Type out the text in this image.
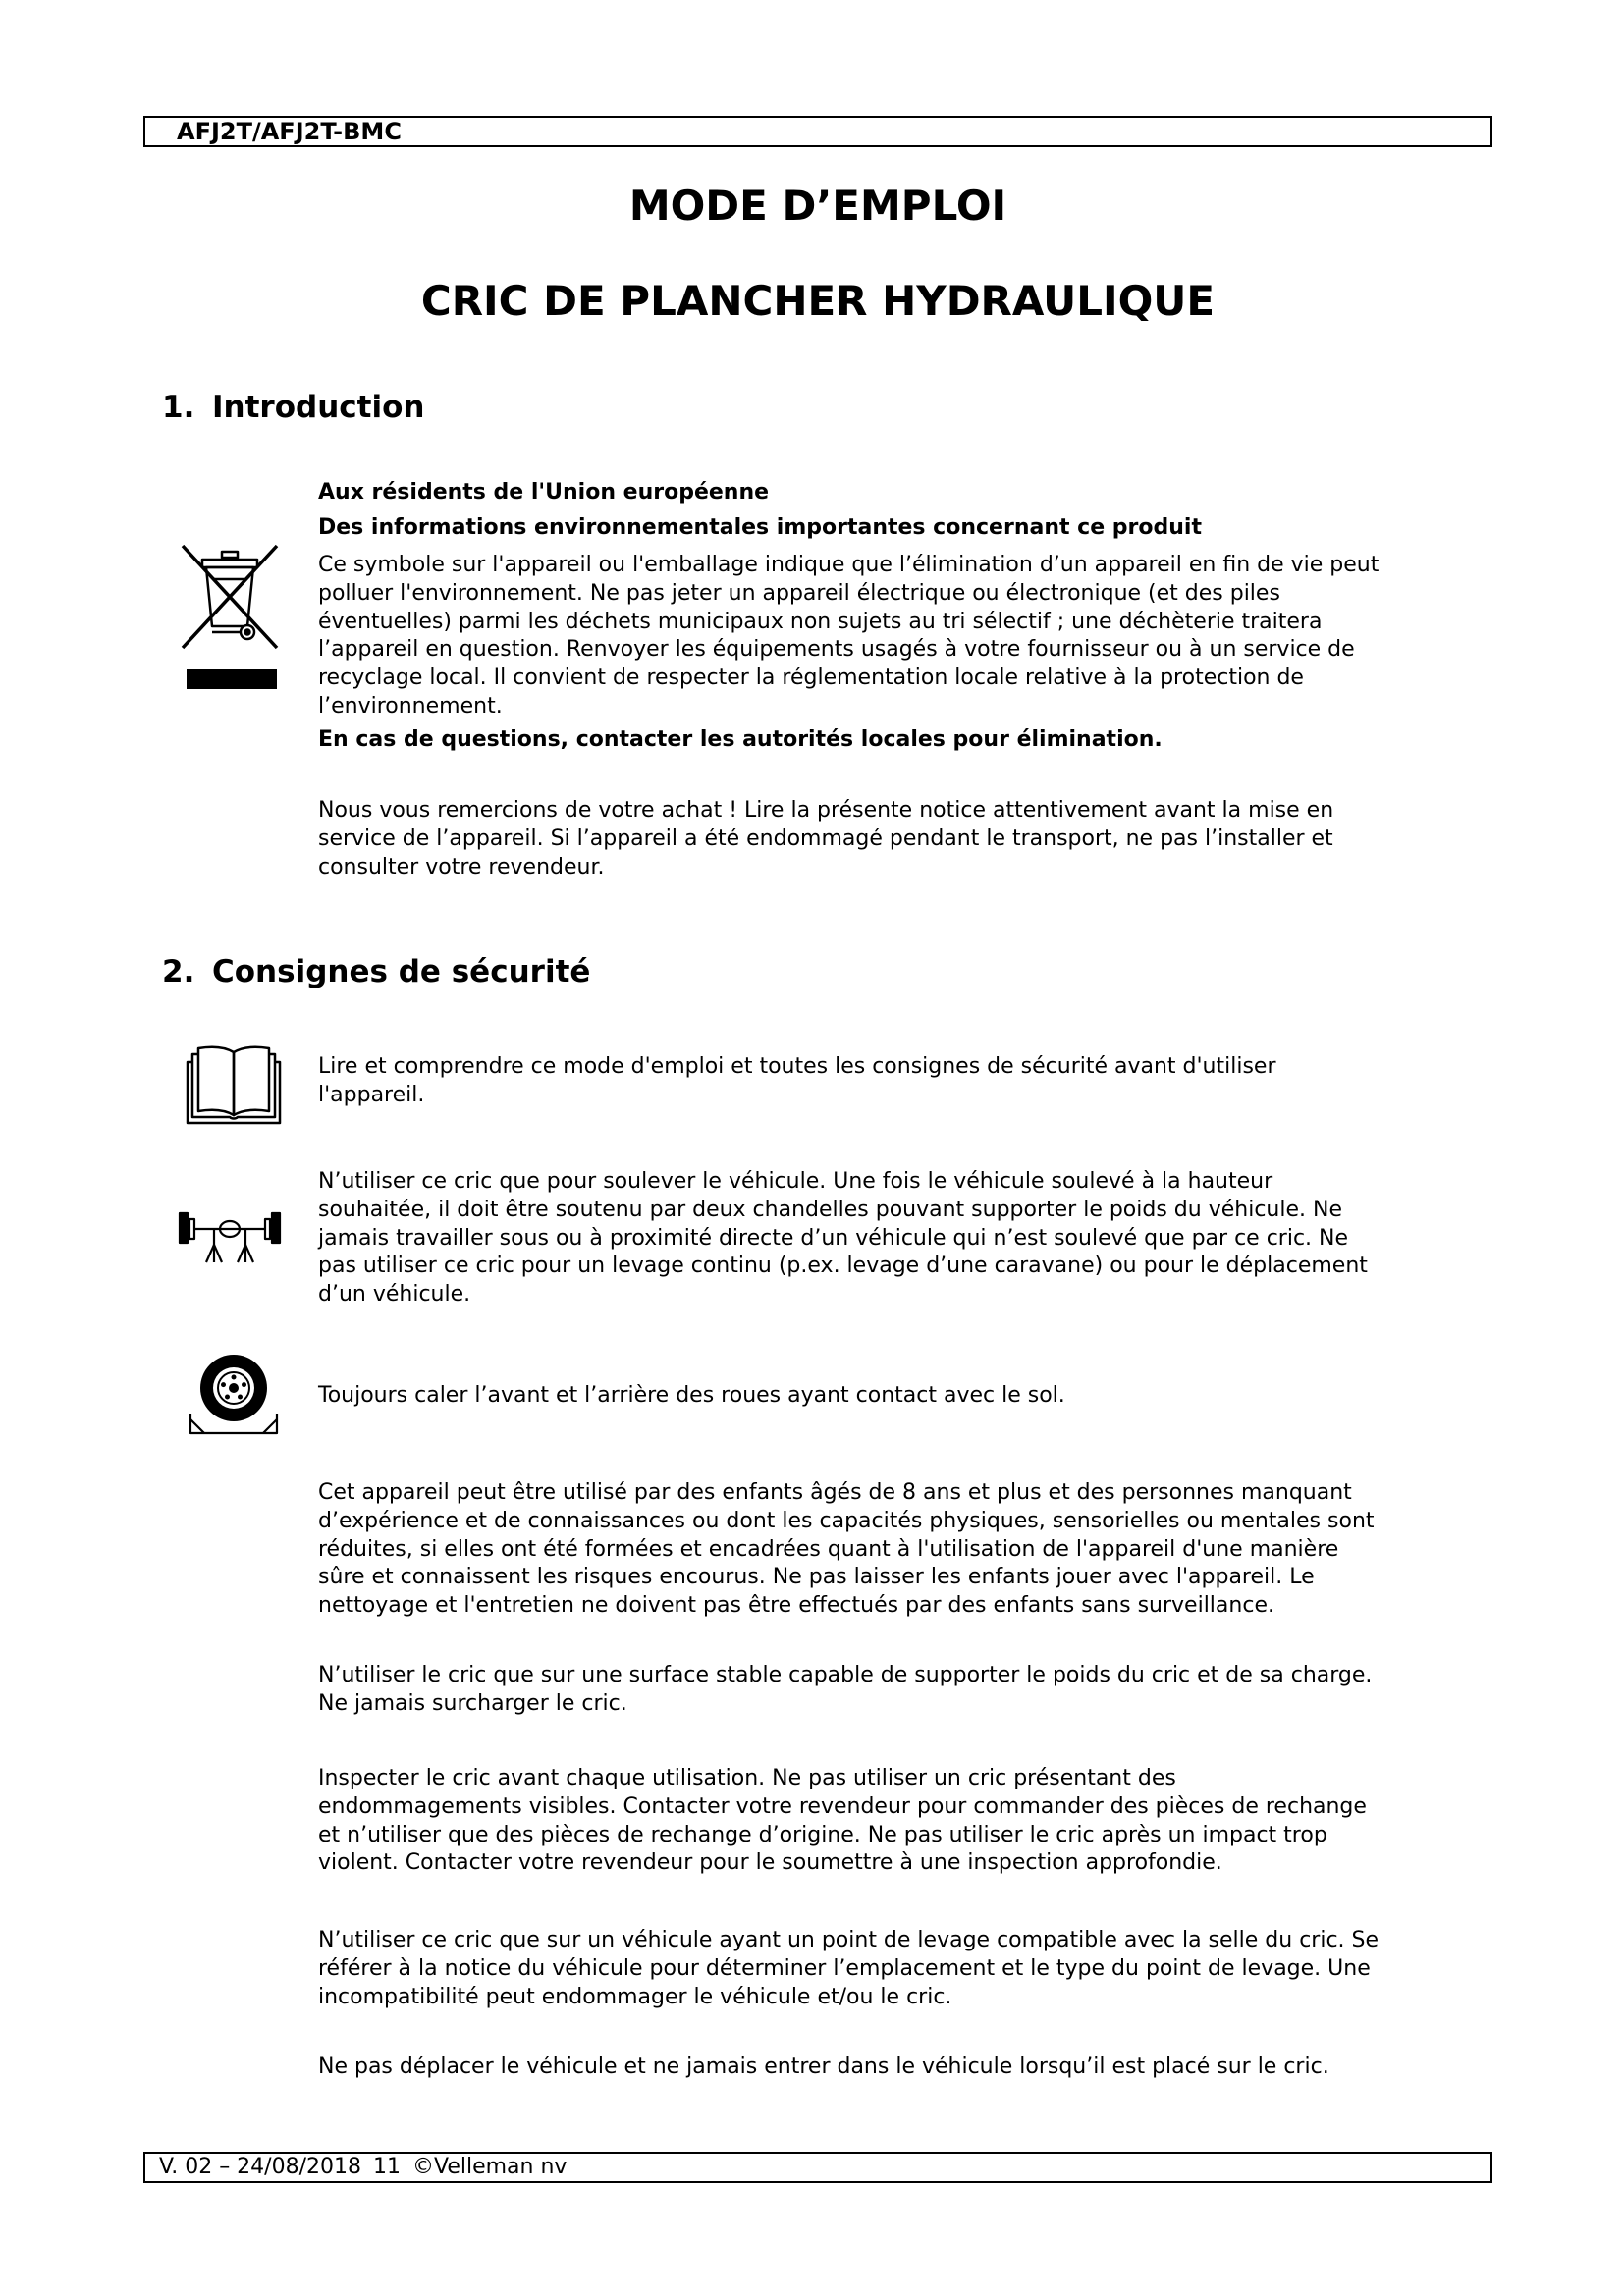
AFJ2T/AFJ2T-BMC
MODE D’EMPLOI
CRIC DE PLANCHER HYDRAULIQUE
1. Introduction
Aux résidents de l'Union européenne
Des informations environnementales importantes concernant ce produit
Ce symbole sur l'appareil ou l'emballage indique que l’élimination d’un appareil en fin de vie peut
polluer l'environnement. Ne pas jeter un appareil électrique ou électronique (et des piles
éventuelles) parmi les déchets municipaux non sujets au tri sélectif ; une déchèterie traitera
l’appareil en question. Renvoyer les équipements usagés à votre fournisseur ou à un service de
recyclage local. Il convient de respecter la réglementation locale relative à la protection de
l’environnement.
En cas de questions, contacter les autorités locales pour élimination.
Nous vous remercions de votre achat ! Lire la présente notice attentivement avant la mise en
service de l’appareil. Si l’appareil a été endommagé pendant le transport, ne pas l’installer et
consulter votre revendeur.
2. Consignes de sécurité
Lire et comprendre ce mode d'emploi et toutes les consignes de sécurité avant d'utiliser
l'appareil.
N’utiliser ce cric que pour soulever le véhicule. Une fois le véhicule soulevé à la hauteur
souhaitée, il doit être soutenu par deux chandelles pouvant supporter le poids du véhicule. Ne
jamais travailler sous ou à proximité directe d’un véhicule qui n’est soulevé que par ce cric. Ne
pas utiliser ce cric pour un levage continu (p.ex. levage d’une caravane) ou pour le déplacement
d’un véhicule.
Toujours caler l’avant et l’arrière des roues ayant contact avec le sol.
Cet appareil peut être utilisé par des enfants âgés de 8 ans et plus et des personnes manquant
d’expérience et de connaissances ou dont les capacités physiques, sensorielles ou mentales sont
réduites, si elles ont été formées et encadrées quant à l'utilisation de l'appareil d'une manière
sûre et connaissent les risques encourus. Ne pas laisser les enfants jouer avec l'appareil. Le
nettoyage et l'entretien ne doivent pas être effectués par des enfants sans surveillance.
N’utiliser le cric que sur une surface stable capable de supporter le poids du cric et de sa charge.
Ne jamais surcharger le cric.
Inspecter le cric avant chaque utilisation. Ne pas utiliser un cric présentant des
endommagements visibles. Contacter votre revendeur pour commander des pièces de rechange
et n’utiliser que des pièces de rechange d’origine. Ne pas utiliser le cric après un impact trop
violent. Contacter votre revendeur pour le soumettre à une inspection approfondie.
N’utiliser ce cric que sur un véhicule ayant un point de levage compatible avec la selle du cric. Se
référer à la notice du véhicule pour déterminer l’emplacement et le type du point de levage. Une
incompatibilité peut endommager le véhicule et/ou le cric.
Ne pas déplacer le véhicule et ne jamais entrer dans le véhicule lorsqu’il est placé sur le cric.
V. 02 – 24/08/2018 11 ©Velleman nv
